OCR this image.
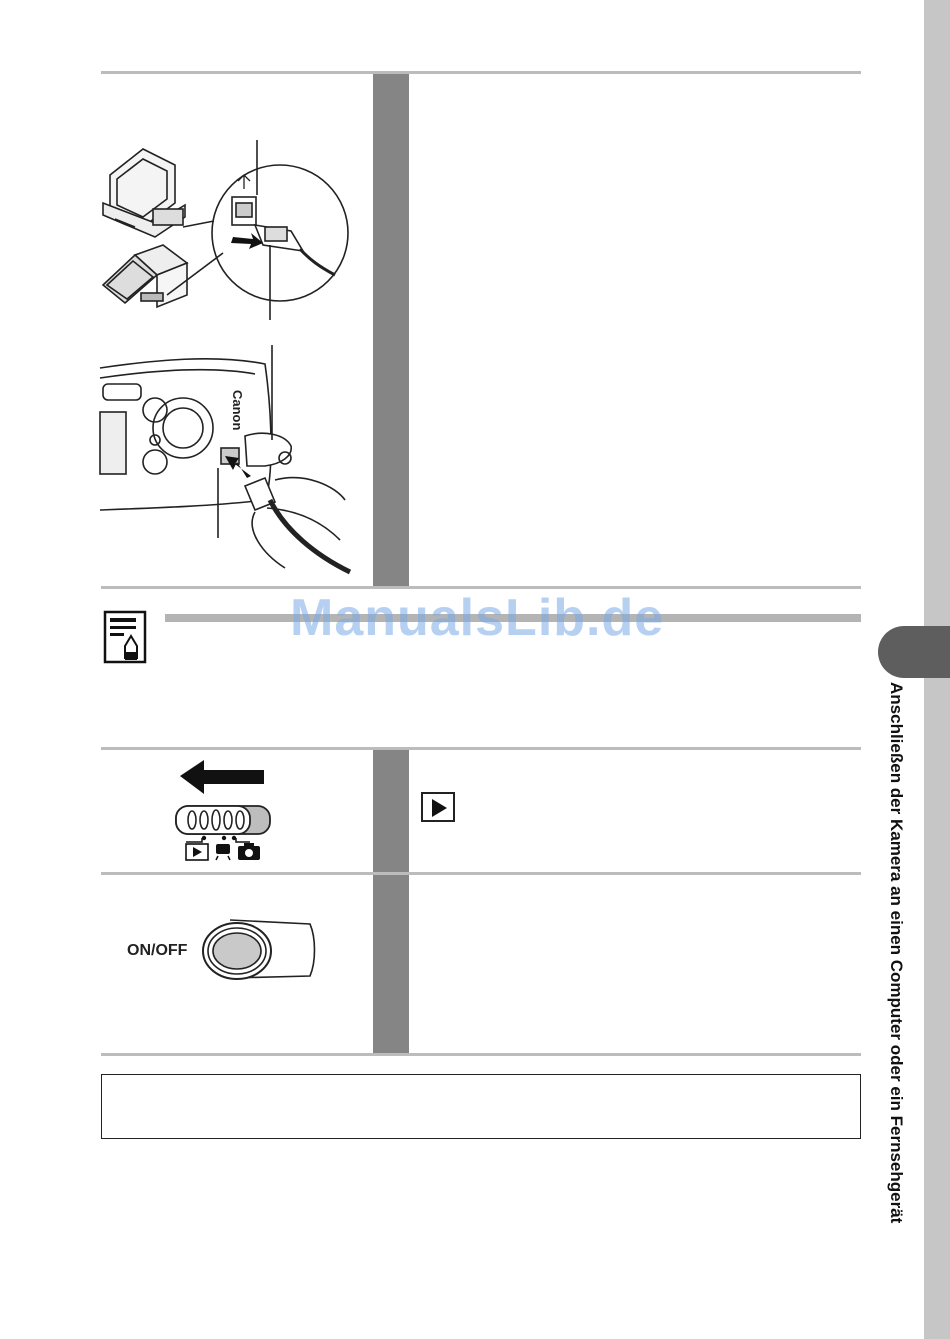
Anschließen der Kamera an einen Computer oder ein Fernsehgerät
Canon
ManualsLib.de
ON/OFF
